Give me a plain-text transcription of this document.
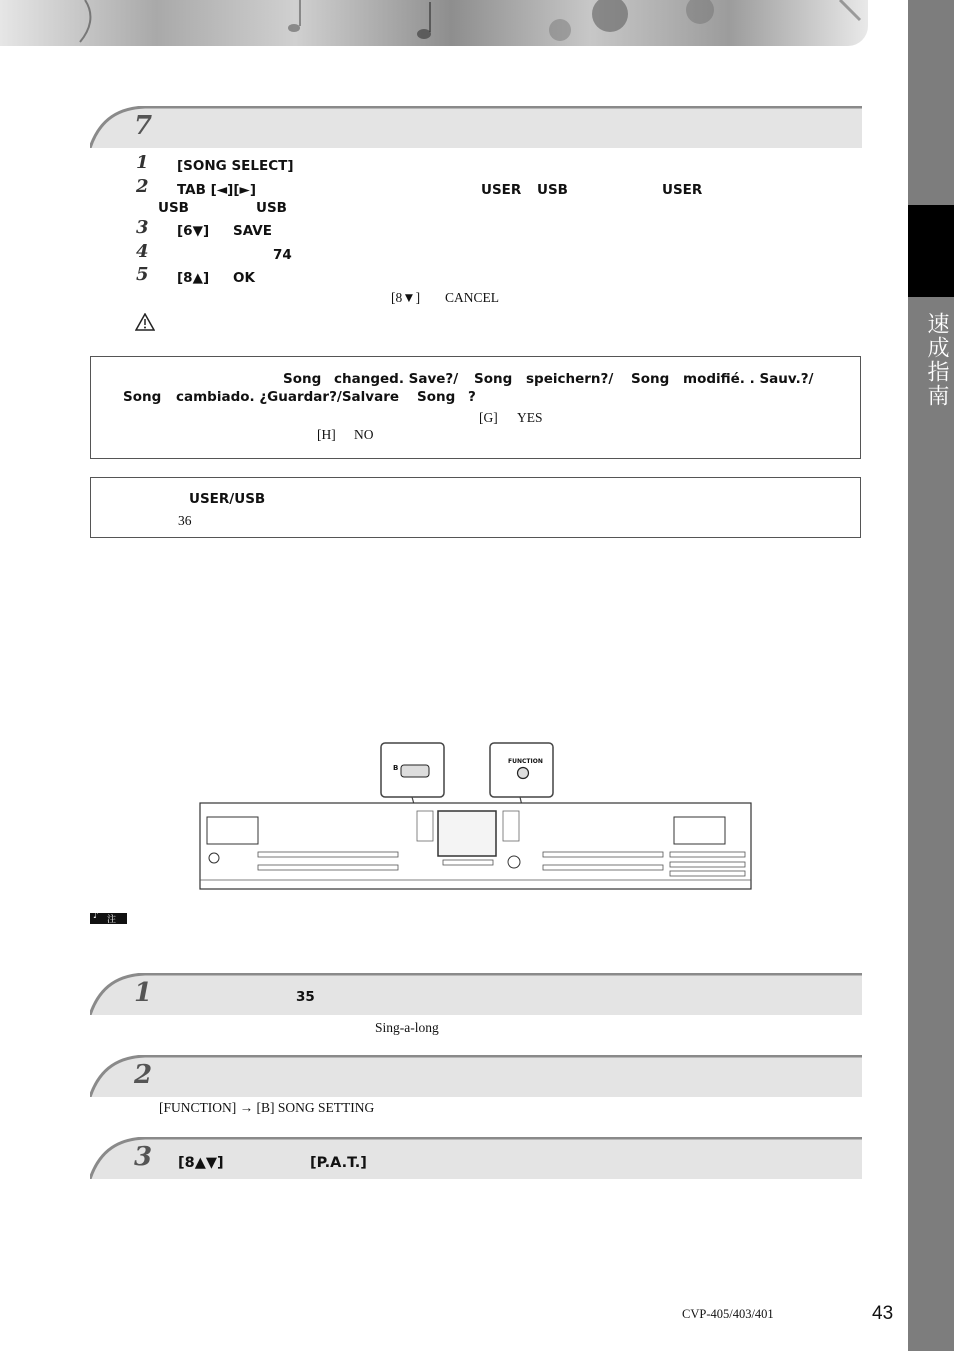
速成指南
7
1 [SONG SELECT]
2 TAB [◄][►]	USER USB	USER
USB	USB
3 [6▼] SAVE
4	74
5 [8▲] OK
[8▼] CANCEL
Song changed. Save?/ Song speichern?/ Song modifié. . Sauv.?/
Song cambiado. ¿Guardar?/Salvare Song ?
[G] YES
[H] NO
USER/USB
36
B
FUNCTION
♪ 注
1	35
Sing-a-long
2
[FUNCTION] → [B] SONG SETTING
3 [8▲▼]	[P.A.T.]
CVP-405/403/401	43
